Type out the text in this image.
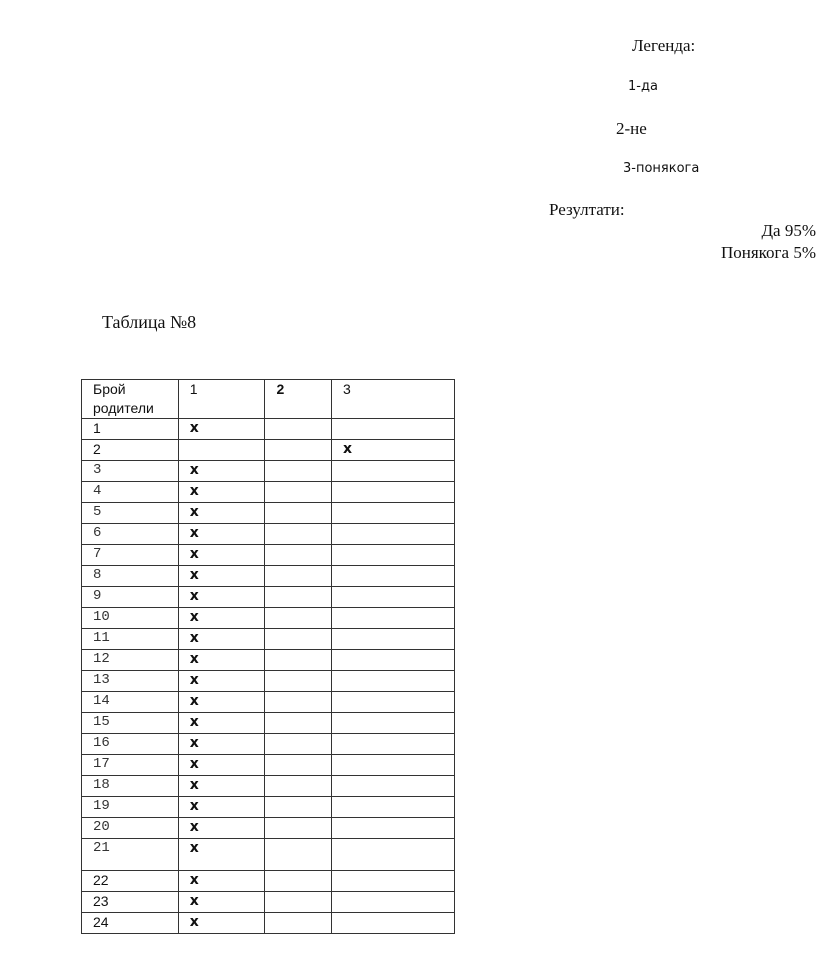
Легенда:
1-да
2-не
3-понякога
Резултати:
Да 95%
Понякога 5%
Таблица №8
Брой родители	1	2	3
1	x		
2			x
3	x		
4	x		
5	x		
6	x		
7	x		
8	x		
9	x		
10	x		
11	x		
12	x		
13	x		
14	x		
15	x		
16	x		
17	x		
18	x		
19	x		
20	x		
21	x		
22	x		
23	x		
24	x		
